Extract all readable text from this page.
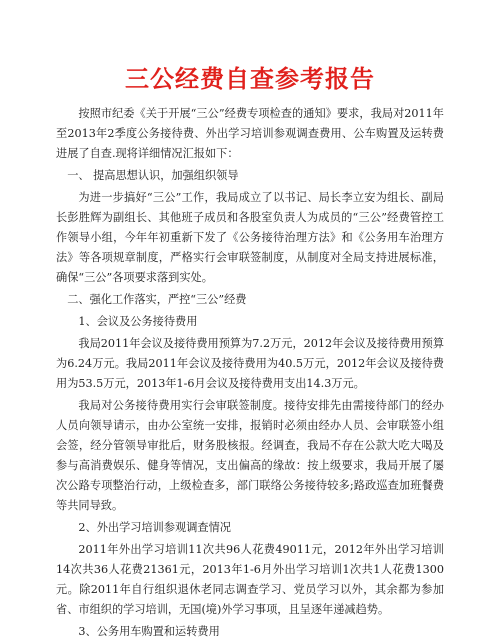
三公经费自查参考报告

按照市纪委《关于开展“三公”经费专项检查的通知》要求，我局对2011年至2013年2季度公务接待费、外出学习培训参观调查费用、公车购置及运转费进展了自查.现将详细情况汇报如下：

一、 提高思想认识，加强组织领导

为进一步搞好“三公”工作，我局成立了以书记、局长李立安为组长、副局长彭胜辉为副组长、其他班子成员和各股室负责人为成员的“三公”经费管控工作领导小组，今年年初重新下发了《公务接待治理方法》和《公务用车治理方法》等各项规章制度，严格实行会审联签制度，从制度对全局支持进展标准，确保“三公”各项要求落到实处。

二、强化工作落实，严控“三公”经费

1、会议及公务接待费用

我局2011年会议及接待费用预算为7.2万元，2012年会议及接待费用预算为6.24万元。我局2011年会议及接待费用为40.5万元，2012年会议及接待费用为53.5万元，2013年1-6月会议及接待费用支出14.3万元。

我局对公务接待费用实行会审联签制度。接待安排先由需接待部门的经办人员向领导请示，由办公室统一安排，报销时必须由经办人员、会审联签小组会签，经分管领导审批后，财务股核报。经调查，我局不存在公款大吃大喝及参与高消费娱乐、健身等情况，支出偏高的缘故：按上级要求，我局开展了屡次公路专项整治行动，上级检查多，部门联络公务接待较多;路政巡查加班餐费等共同导致。

2、外出学习培训参观调查情况

2011年外出学习培训11次共96人花费49011元，2012年外出学习培训14次共36人花费21361元，2013年1-6月外出学习培训1次共1人花费1300元。除2011年自行组织退休老同志调查学习、党员学习以外，其余都为参加省、市组织的学习培训，无国(境)外学习事项，且呈逐年递减趋势。

3、公务用车购置和运转费用
